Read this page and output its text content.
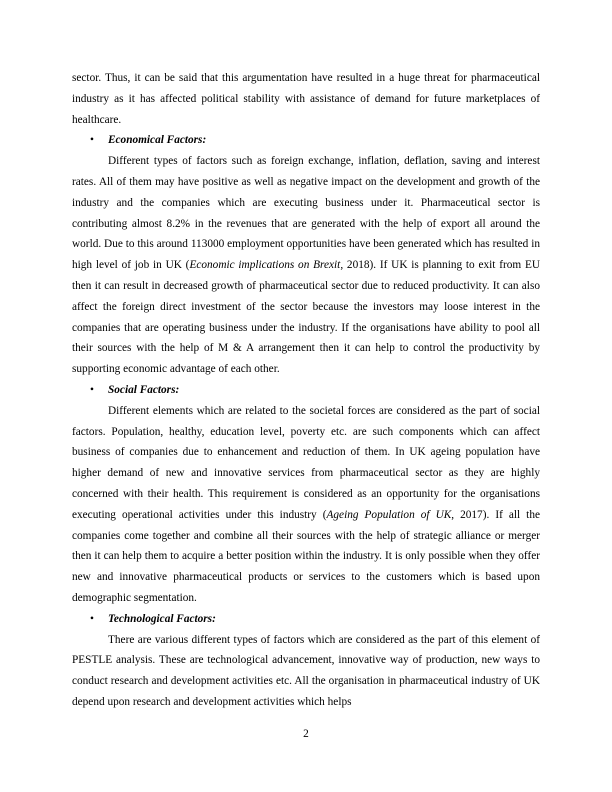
sector. Thus, it can be said that this argumentation have resulted in a huge threat for pharmaceutical industry as it has affected political stability with assistance of demand for future marketplaces of healthcare.

• Economical Factors:

Different types of factors such as foreign exchange, inflation, deflation, saving and interest rates. All of them may have positive as well as negative impact on the development and growth of the industry and the companies which are executing business under it. Pharmaceutical sector is contributing almost 8.2% in the revenues that are generated with the help of export all around the world. Due to this around 113000 employment opportunities have been generated which has resulted in high level of job in UK (Economic implications on Brexit, 2018). If UK is planning to exit from EU then it can result in decreased growth of pharmaceutical sector due to reduced productivity. It can also affect the foreign direct investment of the sector because the investors may loose interest in the companies that are operating business under the industry. If the organisations have ability to pool all their sources with the help of M & A arrangement then it can help to control the productivity by supporting economic advantage of each other.

• Social Factors:

Different elements which are related to the societal forces are considered as the part of social factors. Population, healthy, education level, poverty etc. are such components which can affect business of companies due to enhancement and reduction of them. In UK ageing population have higher demand of new and innovative services from pharmaceutical sector as they are highly concerned with their health. This requirement is considered as an opportunity for the organisations executing operational activities under this industry (Ageing Population of UK, 2017). If all the companies come together and combine all their sources with the help of strategic alliance or merger then it can help them to acquire a better position within the industry. It is only possible when they offer new and innovative pharmaceutical products or services to the customers which is based upon demographic segmentation.

• Technological Factors:

There are various different types of factors which are considered as the part of this element of PESTLE analysis. These are technological advancement, innovative way of production, new ways to conduct research and development activities etc. All the organisation in pharmaceutical industry of UK depend upon research and development activities which helps

2
